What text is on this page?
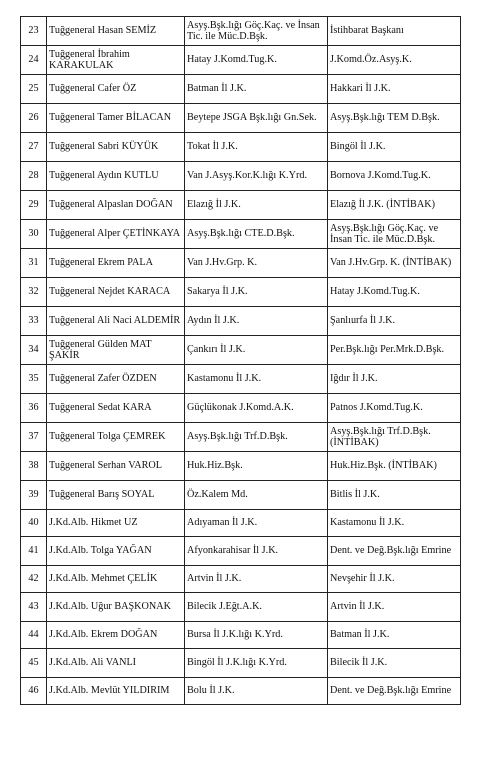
23	Tuğgeneral Hasan SEMİZ	Asyş.Bşk.lığı Göç.Kaç. ve İnsan Tic. ile Müc.D.Bşk.	İstihbarat Başkanı
24	Tuğgeneral İbrahim KARAKULAK	Hatay J.Komd.Tug.K.	J.Komd.Öz.Asyş.K.
25	Tuğgeneral Cafer ÖZ	Batman İl J.K.	Hakkari İl J.K.
26	Tuğgeneral Tamer BİLACAN	Beytepe JSGA Bşk.lığı Gn.Sek.	Asyş.Bşk.lığı TEM D.Bşk.
27	Tuğgeneral Sabri KÜYÜK	Tokat İl J.K.	Bingöl İl J.K.
28	Tuğgeneral Aydın KUTLU	Van J.Asyş.Kor.K.lığı K.Yrd.	Bornova J.Komd.Tug.K.
29	Tuğgeneral Alpaslan DOĞAN	Elazığ İl J.K.	Elazığ İl J.K. (İNTİBAK)
30	Tuğgeneral Alper ÇETİNKAYA	Asyş.Bşk.lığı CTE.D.Bşk.	Asyş.Bşk.lığı Göç.Kaç. ve İnsan Tic. ile Müc.D.Bşk.
31	Tuğgeneral Ekrem PALA	Van J.Hv.Grp. K.	Van J.Hv.Grp. K. (İNTİBAK)
32	Tuğgeneral Nejdet KARACA	Sakarya İl J.K.	Hatay J.Komd.Tug.K.
33	Tuğgeneral Ali Naci ALDEMİR	Aydın İl J.K.	Şanlıurfa İl J.K.
34	Tuğgeneral Gülden MAT ŞAKİR	Çankırı İl J.K.	Per.Bşk.lığı Per.Mrk.D.Bşk.
35	Tuğgeneral Zafer ÖZDEN	Kastamonu İl J.K.	Iğdır İl J.K.
36	Tuğgeneral Sedat KARA	Güçlükonak J.Komd.A.K.	Patnos J.Komd.Tug.K.
37	Tuğgeneral Tolga ÇEMREK	Asyş.Bşk.lığı Trf.D.Bşk.	Asyş.Bşk.lığı Trf.D.Bşk. (İNTİBAK)
38	Tuğgeneral Serhan VAROL	Huk.Hiz.Bşk.	Huk.Hiz.Bşk. (İNTİBAK)
39	Tuğgeneral Barış SOYAL	Öz.Kalem Md.	Bitlis İl J.K.
40	J.Kd.Alb. Hikmet UZ	Adıyaman İl J.K.	Kastamonu İl J.K.
41	J.Kd.Alb. Tolga YAĞAN	Afyonkarahisar İl J.K.	Dent. ve Değ.Bşk.lığı Emrine
42	J.Kd.Alb. Mehmet ÇELİK	Artvin İl J.K.	Nevşehir İl J.K.
43	J.Kd.Alb. Uğur BAŞKONAK	Bilecik J.Eğt.A.K.	Artvin İl J.K.
44	J.Kd.Alb. Ekrem DOĞAN	Bursa İl J.K.lığı K.Yrd.	Batman İl J.K.
45	J.Kd.Alb. Ali VANLI	Bingöl İl J.K.lığı K.Yrd.	Bilecik İl J.K.
46	J.Kd.Alb. Mevlüt YILDIRIM	Bolu İl J.K.	Dent. ve Değ.Bşk.lığı Emrine
